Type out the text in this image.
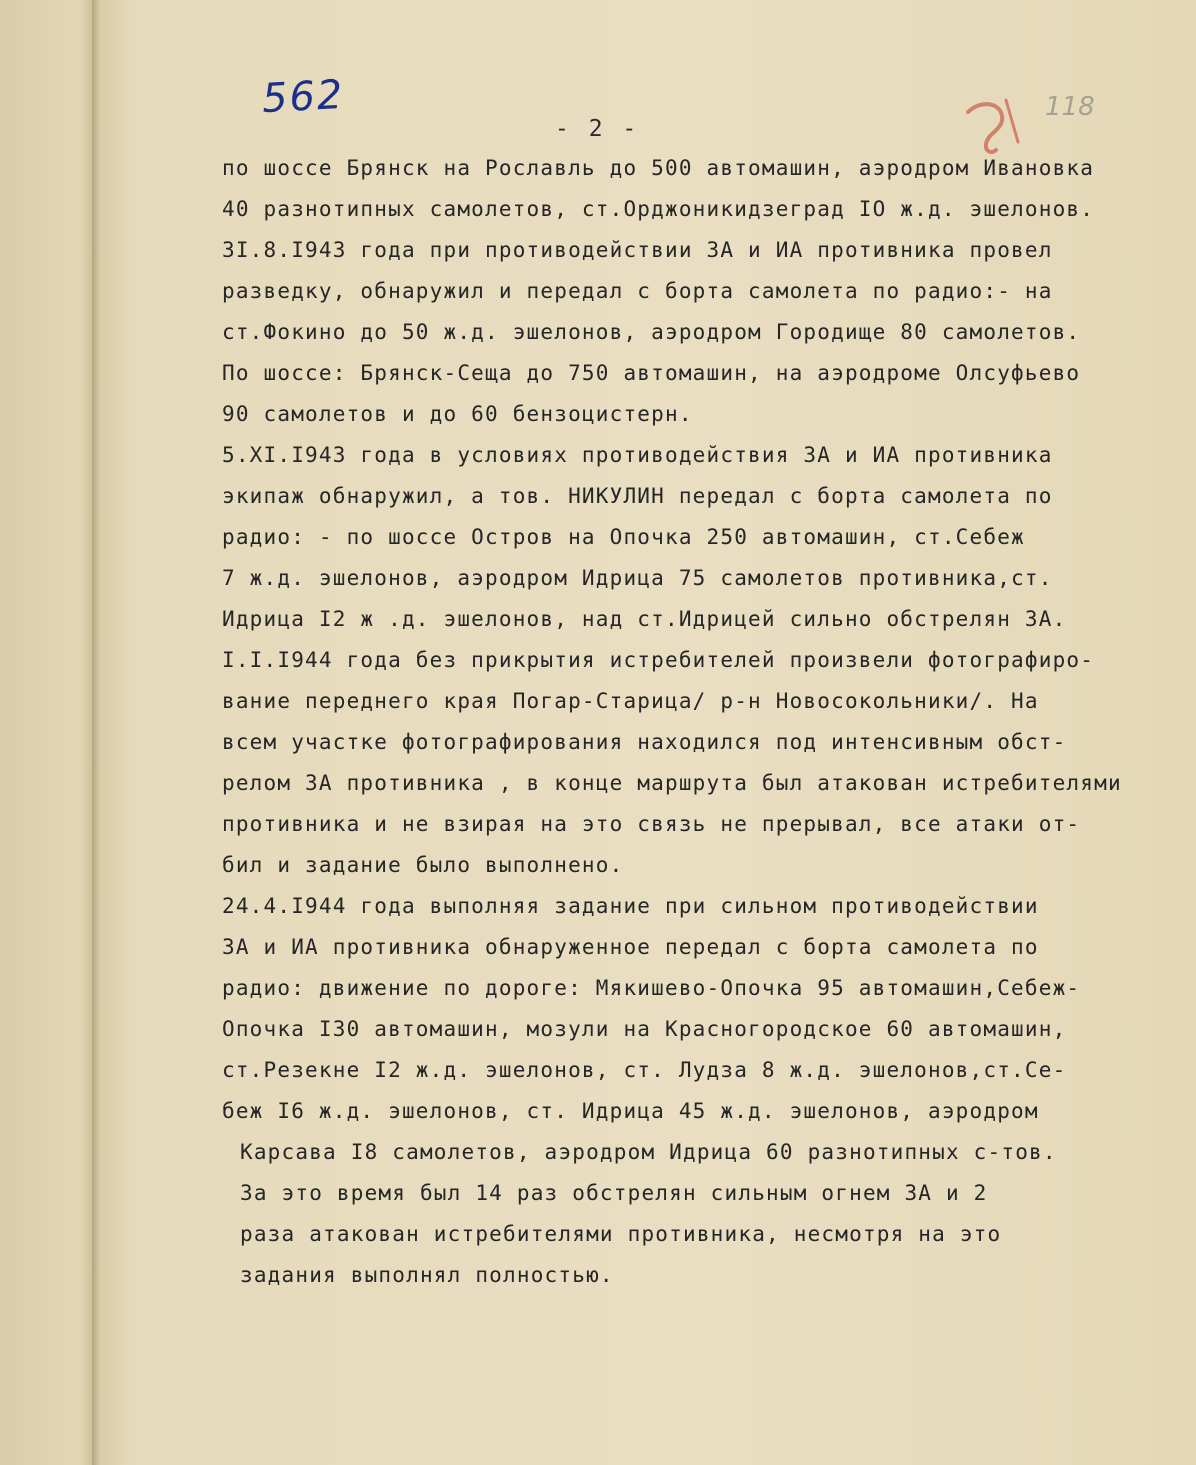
562
- 2 -
118
по шоссе Брянск на Рославль до 500 автомашин, аэродром Ивановка
40 разнотипных самолетов, ст.Орджоникидзеград IO ж.д. эшелонов.
3I.8.I943 года при противодействии ЗА и ИА противника провел
разведку, обнаружил и передал с борта самолета по радио:- на
ст.Фокино до 50 ж.д. эшелонов, аэродром Городище 80 самолетов.
По шоссе: Брянск-Сеща до 750 автомашин, на аэродроме Олсуфьево
90 самолетов и до 60 бензоцистерн.
5.XI.I943 года в условиях противодействия ЗА и ИА противника
экипаж обнаружил, а тов. НИКУЛИН передал с борта самолета по
радио: - по шоссе Остров на Опочка 250 автомашин, ст.Себеж
7 ж.д. эшелонов, аэродром Идрица 75 самолетов противника,ст.
Идрица I2 ж .д. эшелонов, над ст.Идрицей сильно обстрелян ЗА.
I.I.I944 года без прикрытия истребителей произвели фотографиро-
вание переднего края Погар-Старица/ р-н Новосокольники/. На
всем участке фотографирования находился под интенсивным обст-
релом ЗА противника , в конце маршрута был атакован истребителями
противника и не взирая на это связь не прерывал, все атаки от-
бил и задание было выполнено.
24.4.I944 года выполняя задание при сильном противодействии
ЗА и ИА противника обнаруженное передал с борта самолета по
радио: движение по дороге: Мякишево-Опочка 95 автомашин,Себеж-
Опочка I30 автомашин, мозули на Красногородское 60 автомашин,
ст.Резекне I2 ж.д. эшелонов, ст. Лудза 8 ж.д. эшелонов,ст.Се-
беж I6 ж.д. эшелонов, ст. Идрица 45 ж.д. эшелонов, аэродром
Карсава I8 самолетов, аэродром Идрица 60 разнотипных с-тов.
За это время был 14 раз обстрелян сильным огнем ЗА и 2
раза атакован истребителями противника, несмотря на это
задания выполнял полностью.
